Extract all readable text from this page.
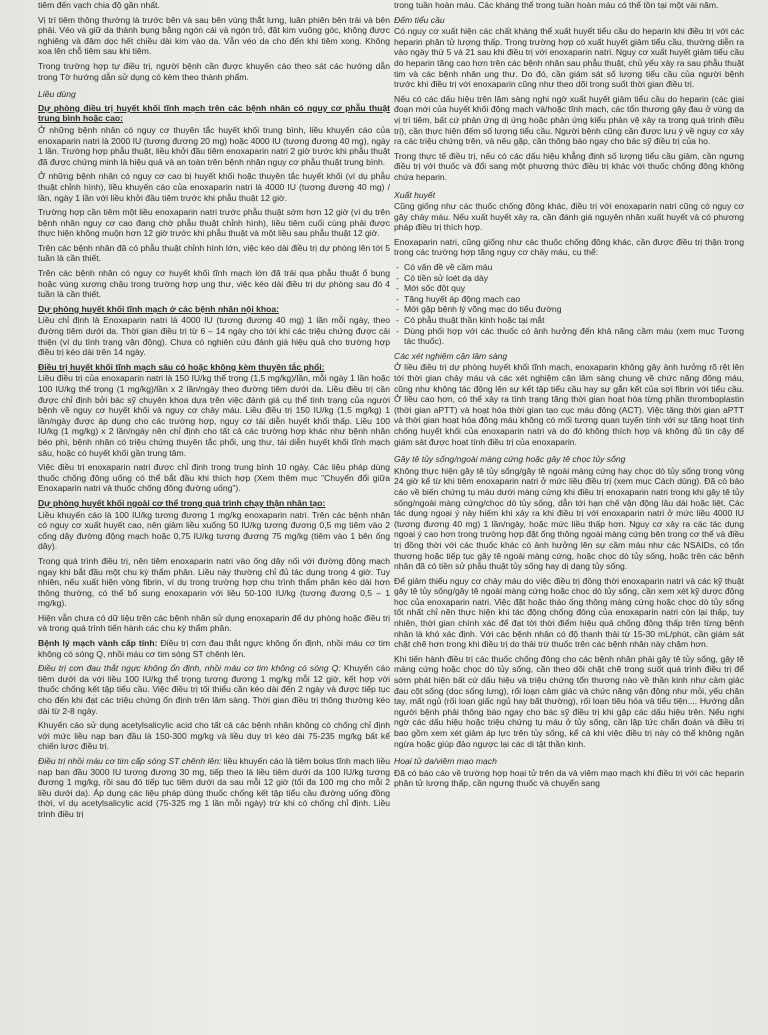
tiêm đến vạch chia độ gần nhất.

Vị trí tiêm thông thường là trước bên và sau bên vùng thắt lưng, luân phiên bên trái và bên phải. Véo và giữ da thành bụng bằng ngón cái và ngón trỏ, đặt kim vuông góc, không được nghiêng và đâm dọc hết chiều dài kim vào da. Vẫn véo da cho đến khi tiêm xong. Không xoa lên chỗ tiêm sau khi tiêm.

Trong trường hợp tự điều trị, người bệnh cần được khuyến cáo theo sát các hướng dẫn trong Tờ hướng dẫn sử dụng có kèm theo thành phẩm.

Liều dùng
Dự phòng điều trị huyết khối tĩnh mạch trên các bệnh nhân có nguy cơ phẫu thuật trung bình hoặc cao:

Ở những bệnh nhân có nguy cơ thuyên tắc huyết khối trung bình, liều khuyến cáo của enoxaparin natri là 2000 IU (tương đương 20 mg) hoặc 4000 IU (tương đương 40 mg), ngày 1 lần. Trường hợp phẫu thuật, liều khởi đầu tiêm enoxaparin natri 2 giờ trước khi phẫu thuật đã được chứng minh là hiệu quả và an toàn trên bệnh nhân nguy cơ phẫu thuật trung bình.

Ở những bệnh nhân có nguy cơ cao bị huyết khối hoặc thuyên tắc huyết khối (ví dụ phẫu thuật chỉnh hình), liều khuyến cáo của enoxaparin natri là 4000 IU (tương đương 40 mg) / lần, ngày 1 lần với liều khởi đầu tiêm trước khi phẫu thuật 12 giờ.

Trường hợp cần tiêm một liều enoxaparin natri trước phẫu thuật sớm hơn 12 giờ (ví dụ trên bệnh nhân nguy cơ cao đang chờ phẫu thuật chỉnh hình), liều tiêm cuối cùng phải được thực hiện không muộn hơn 12 giờ trước khi phẫu thuật và một liều sau phẫu thuật 12 giờ.

Trên các bệnh nhân đã có phẫu thuật chỉnh hình lớn, việc kéo dài điều trị dự phòng lên tới 5 tuần là cần thiết.

Trên các bệnh nhân có nguy cơ huyết khối tĩnh mạch lớn đã trải qua phẫu thuật ổ bụng hoặc vùng xương chậu trong trường hợp ung thư, việc kéo dài điều trị dự phòng sau đó 4 tuần là cần thiết.

Dự phòng huyết khối tĩnh mạch ở các bệnh nhân nội khoa:

Liều chỉ định là Enoxaparin natri là 4000 IU (tương đương 40 mg) 1 lần mỗi ngày, theo đường tiêm dưới da. Thời gian điều trị từ 6 – 14 ngày cho tới khi các triệu chứng được cải thiện (ví dụ tình trạng vận động). Chưa có nghiên cứu đánh giá hiệu quả cho trường hợp điều trị kéo dài trên 14 ngày.

Điều trị huyết khối tĩnh mạch sâu có hoặc không kèm thuyên tắc phổi:

Liều điều trị của enoxaparin natri là 150 IU/kg thể trọng (1,5 mg/kg)/lần, mỗi ngày 1 lần hoặc 100 IU/kg thể trọng (1 mg/kg)/lần x 2 lần/ngày theo đường tiêm dưới da. Liều điều trị cần được chỉ định bởi bác sỹ chuyên khoa dựa trên việc đánh giá cụ thể tình trạng của người bệnh về nguy cơ huyết khối và nguy cơ chảy máu. Liều điều trị 150 IU/kg (1,5 mg/kg) 1 lần/ngày được áp dụng cho các trường hợp, nguy cơ tái diễn huyết khối thấp. Liều 100 IU/kg (1 mg/kg) x 2 lần/ngày nên chỉ định cho tất cả các trường hợp khác như bệnh nhân béo phì, bệnh nhân có triệu chứng thuyên tắc phổi, ung thư, tái diễn huyết khối tĩnh mạch sâu, hoặc có huyết khối gần trung tâm.

Việc điều trị enoxaparin natri được chỉ định trong trung bình 10 ngày. Các liệu pháp dùng thuốc chống đông uống có thể bắt đầu khi thích hợp (Xem thêm mục "Chuyển đổi giữa Enoxaparin natri và thuốc chống đông đường uống").

Dự phòng huyết khối ngoài cơ thể trong quá trình chạy thận nhân tạo:

Liều khuyến cáo là 100 IU/kg tương đương 1 mg/kg enoxaparin natri. Trên các bệnh nhân có nguy cơ xuất huyết cao, nên giảm liều xuống 50 IU/kg tương đương 0,5 mg tiêm vào 2 cổng dây đường động mạch hoặc 0,75 IU/kg tương đương 75 mg/kg (tiêm vào 1 bên ống dây).

Trong quá trình điều trị, nên tiêm enoxaparin natri vào ống dây nối với đường động mạch ngay khi bắt đầu một chu kỳ thẩm phân. Liều này thường chỉ đủ tác dụng trong 4 giờ. Tuy nhiên, nếu xuất hiện vòng fibrin, ví dụ trong trường hợp chu trình thẩm phân kéo dài hơn thông thường, có thể bổ sung enoxaparin với liều 50-100 IU/kg (tương đương 0,5 – 1 mg/kg).

Hiện vẫn chưa có dữ liệu trên các bệnh nhân sử dụng enoxaparin để dự phòng hoặc điều trị và trong quá trình tiến hành các chu kỳ thẩm phân.

Bệnh lý mạch vành cấp tính: Điều trị cơn đau thắt ngực không ổn định, nhồi máu cơ tim không có sóng Q, nhồi máu cơ tim sóng ST chênh lên.

Điều trị cơn đau thắt ngực không ổn định, nhồi máu cơ tim không có sóng Q: Khuyến cáo tiêm dưới da với liều 100 IU/kg thể trọng tương đương 1 mg/kg mỗi 12 giờ, kết hợp với thuốc chống kết tập tiểu cầu. Việc điều trị tối thiểu cần kéo dài đến 2 ngày và được tiếp tục cho đến khi đạt các triệu chứng ổn định trên lâm sàng. Thời gian điều trị thông thường kéo dài từ 2-8 ngày.

Khuyến cáo sử dụng acetylsalicylic acid cho tất cả các bệnh nhân không có chống chỉ định với mức liều nạp ban đầu là 150-300 mg/kg và liều duy trì kéo dài 75-235 mg/kg bất kể chiến lược điều trị.

Điều trị nhồi máu cơ tim cấp sóng ST chênh lên: liều khuyến cáo là tiêm bolus tĩnh mạch liều nạp ban đầu 3000 IU tương đương 30 mg, tiếp theo là liều tiêm dưới da 100 IU/kg tương đương 1 mg/kg, rồi sau đó tiếp tục tiêm dưới da sau mỗi 12 giờ (tối đa 100 mg cho mỗi 2 liều dưới da). Áp dụng các liệu pháp dùng thuốc chống kết tập tiểu cầu đường uống đồng thời, ví dụ acetylsalicylic acid (75-325 mg 1 lần mỗi ngày) trừ khi có chống chỉ định. Liều trình điều trị

trong tuần hoàn máu. Các kháng thể trong tuần hoàn máu có thể tồn tại một vài năm.

Đếm tiểu cầu

Có nguy cơ xuất hiện các chất kháng thể xuất huyết tiểu cầu do heparin khi điều trị với các heparin phân tử lượng thấp. Trong trường hợp có xuất huyết giảm tiểu cầu, thường diễn ra vào ngày thứ 5 và 21 sau khi điều trị với enoxaparin natri. Nguy cơ xuất huyết giảm tiểu cầu do heparin tăng cao hơn trên các bệnh nhân sau phẫu thuật, chủ yếu xảy ra sau phẫu thuật tim và các bệnh nhân ung thư. Do đó, cần giám sát số lượng tiểu cầu của người bệnh trước khi điều trị với enoxaparin cũng như theo dõi trong suốt thời gian điều trị.

Nếu có các dấu hiệu trên lâm sàng nghi ngờ xuất huyết giảm tiểu cầu do heparin (các giai đoạn mới của huyết khối động mạch và/hoặc tĩnh mạch, các tổn thương gây đau ở vùng da vị trí tiêm, bất cứ phản ứng dị ứng hoặc phản ứng kiểu phản vệ xảy ra trong quá trình điều trị), cần thực hiện đếm số lượng tiểu cầu. Người bệnh cũng cần được lưu ý về nguy cơ xảy ra các triệu chứng trên, và nếu gặp, cần thông báo ngay cho bác sỹ điều trị của họ.

Trong thực tế điều trị, nếu có các dấu hiệu khẳng định số lượng tiểu cầu giảm, cần ngưng điều trị với thuốc và đổi sang một phương thức điều trị khác với thuốc chống đông không chứa heparin.

Xuất huyết

Cũng giống như các thuốc chống đông khác, điều trị với enoxaparin natri cũng có nguy cơ gây chảy máu. Nếu xuất huyết xảy ra, cần đánh giá nguyên nhân xuất huyết và có phương pháp điều trị thích hợp.

Enoxaparin natri, cũng giống như các thuốc chống đông khác, cần được điều trị thận trọng trong các trường hợp tăng nguy cơ chảy máu, cụ thể:

- Có vấn đề về cầm máu
- Có tiền sử loét dạ dày
- Mới sốc đột quỵ
- Tăng huyết áp động mạch cao
- Mới gặp bệnh lý võng mạc do tiểu đường
- Có phẫu thuật thần kinh hoặc tại mắt
- Dùng phối hợp với các thuốc có ảnh hưởng đến khả năng cầm máu (xem mục Tương tác thuốc).
Các xét nghiệm cận lâm sàng

Ở liều điều trị dự phòng huyết khối tĩnh mạch, enoxaparin không gây ảnh hưởng rõ rệt lên tới thời gian chảy máu và các xét nghiệm cận lâm sàng chung về chức năng đông máu, cũng như không tác động lên sự kết tập tiểu cầu hay sự gắn kết của sợi fibrin với tiểu cầu. Ở liều cao hơn, có thể xảy ra tình trạng tăng thời gian hoạt hóa từng phần thromboplastin (thời gian aPTT) và hoạt hóa thời gian tạo cục máu đông (ACT). Việc tăng thời gian aPTT và thời gian hoạt hóa đông máu không có mối tương quan tuyến tính với sự tăng hoạt tính chống huyết khối của enoxaparin natri và do đó không thích hợp và không đủ tin cậy để giám sát được hoạt tính điều trị của enoxaparin.

Gây tê tủy sống/ngoài màng cứng hoặc gây tê chọc tủy sống

Không thực hiện gây tê tủy sống/gây tê ngoài màng cứng hay chọc dò tủy sống trong vòng 24 giờ kể từ khi tiêm enoxaparin natri ở mức liều điều trị (xem mục Cách dùng). Đã có báo cáo về biến chứng tụ máu dưới màng cứng khi điều trị enoxaparin natri trong khi gây tê tủy sống/ngoài màng cứng/chọc dò tủy sống, dẫn tới hạn chế vận động lâu dài hoặc liệt. Các tác dụng ngoại ý này hiếm khi xảy ra khi điều trị với enoxaparin natri ở mức liều 4000 IU (tương đương 40 mg) 1 lần/ngày, hoặc mức liều thấp hơn. Nguy cơ xảy ra các tác dụng ngoại ý cao hơn trong trường hợp đặt ống thông ngoài màng cứng bên trong cơ thể và điều trị đồng thời với các thuốc khác có ảnh hưởng lên sự cầm máu như các NSAIDs, có tổn thương hoặc tiếp tục gây tê ngoài màng cứng, hoặc chọc dò tủy sống, hoặc trên các bệnh nhân đã có tiền sử phẫu thuật tủy sống hay dị dạng tủy sống.

Để giảm thiểu nguy cơ chảy máu do việc điều trị đồng thời enoxaparin natri và các kỹ thuật gây tê tủy sống/gây tê ngoài màng cứng hoặc chọc dò tủy sống, cần xem xét kỹ dược động học của enoxaparin natri. Việc đặt hoặc tháo ống thông màng cứng hoặc chọc dò tủy sống tốt nhất chỉ nên thực hiện khi tác động chống đông của enoxaparin natri còn lại thấp, tuy nhiên, thời gian chính xác để đạt tới thời điểm hiệu quả chống đông thấp trên từng bệnh nhân là khó xác định. Với các bệnh nhân có độ thanh thải từ 15-30 mL/phút, cần giám sát chặt chẽ hơn trong khi điều trị do thải trừ thuốc trên các bệnh nhân này chậm hơn.

Khi tiến hành điều trị các thuốc chống đông cho các bệnh nhân phải gây tê tủy sống, gây tê màng cứng hoặc chọc dò tủy sống, cần theo dõi chặt chẽ trong suốt quá trình điều trị để sớm phát hiện bất cứ dấu hiệu và triệu chứng tổn thương nào về thần kinh như cảm giác đau cột sống (dọc sống lưng), rối loạn cảm giác và chức năng vận động như mỏi, yếu chân tay, mất ngủ (rối loạn giấc ngủ hay bất thường), rối loạn tiêu hóa và tiểu tiện.... Hướng dẫn người bệnh phải thông báo ngay cho bác sỹ điều trị khi gặp các dấu hiệu trên. Nếu nghi ngờ các dấu hiệu hoặc triệu chứng tụ máu ở tủy sống, cần lập tức chẩn đoán và điều trị bao gồm xem xét giảm áp lực trên tủy sống, kể cả khi việc điều trị này có thể không ngăn ngừa hoặc giúp đảo ngược lại các di tật thần kinh.

Hoại tử da/viêm mạo mạch

Đã có báo cáo về trường hợp hoại tử trên da và viêm mạo mạch khi điều trị với các heparin phân tử lượng thấp, cần ngưng thuốc và chuyển sang
